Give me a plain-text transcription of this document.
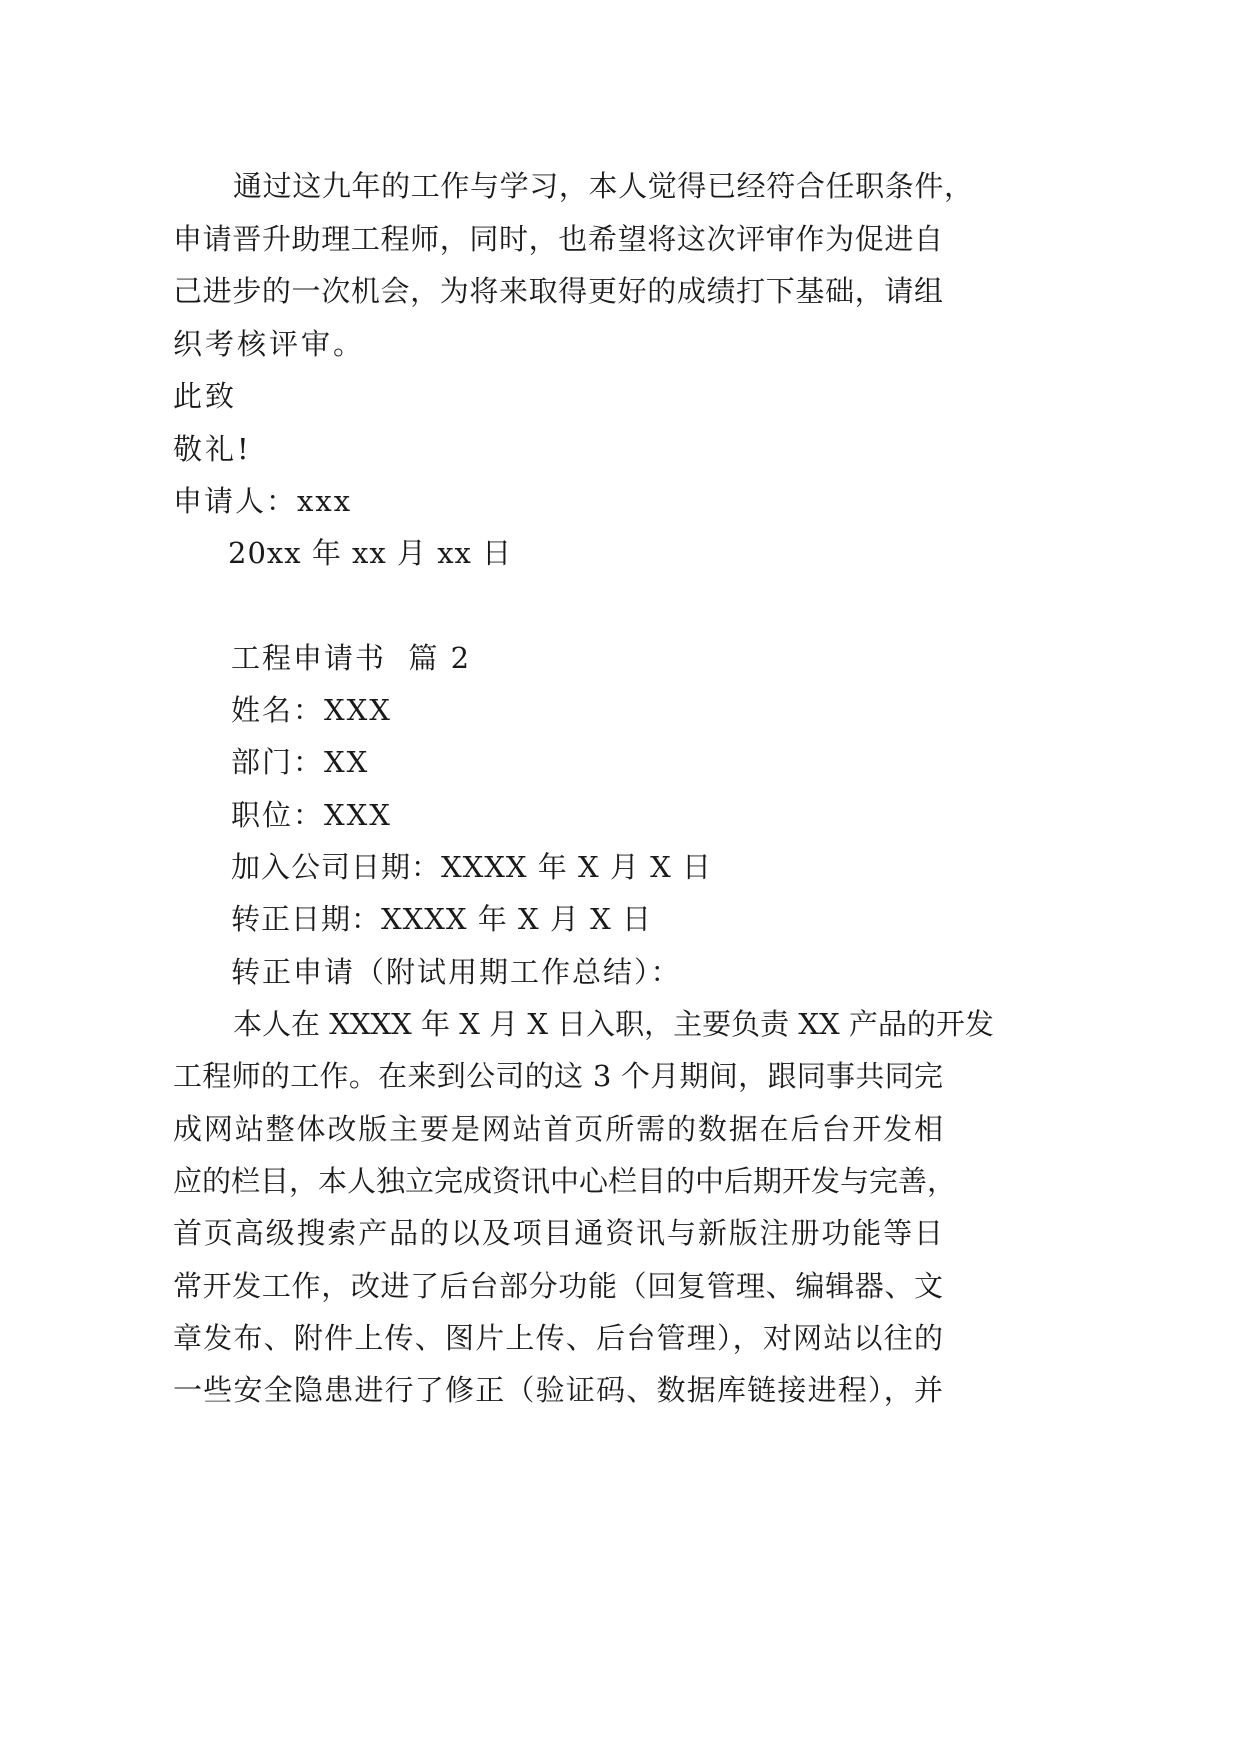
通过这九年的工作与学习，本人觉得已经符合任职条件，
申请晋升助理工程师，同时，也希望将这次评审作为促进自
己进步的一次机会，为将来取得更好的成绩打下基础，请组
织考核评审。
此致
敬礼!
申请人：xxx
20xx 年 xx 月 xx 日
工程申请书  篇 2
姓名：XXX
部门：XX
职位：XXX
加入公司日期：XXXX 年 X 月 X 日
转正日期：XXXX 年 X 月 X 日
转正申请（附试用期工作总结）：
本人在 XXXX 年 X 月 X 日入职，主要负责 XX 产品的开发
工程师的工作。在来到公司的这 3 个月期间，跟同事共同完
成网站整体改版主要是网站首页所需的数据在后台开发相
应的栏目，本人独立完成资讯中心栏目的中后期开发与完善，
首页高级搜索产品的以及项目通资讯与新版注册功能等日
常开发工作，改进了后台部分功能（回复管理、编辑器、文
章发布、附件上传、图片上传、后台管理），对网站以往的
一些安全隐患进行了修正（验证码、数据库链接进程），并
